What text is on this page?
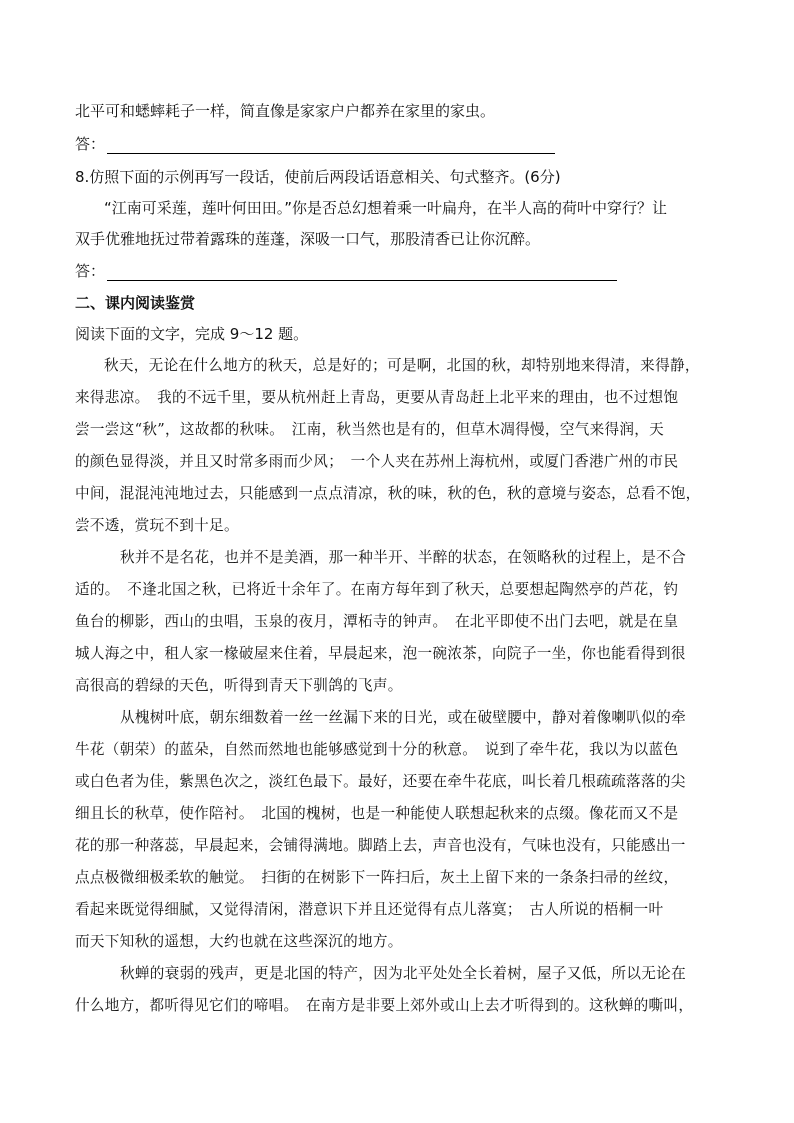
北平可和蟋蟀耗子一样，简直像是家家户户都养在家里的家虫。
答：
8.仿照下面的示例再写一段话，使前后两段话语意相关、句式整齐。(6分)
“江南可采莲，莲叶何田田。”你是否总幻想着乘一叶扁舟，在半人高的荷叶中穿行？让
双手优雅地抚过带着露珠的莲蓬，深吸一口气，那股清香已让你沉醉。
答：
二、课内阅读鉴赏
阅读下面的文字，完成 9～12 题。
秋天，无论在什么地方的秋天，总是好的；可是啊，北国的秋，却特别地来得清，来得静，
来得悲凉。　我的不远千里，要从杭州赶上青岛，更要从青岛赶上北平来的理由，也不过想饱
尝一尝这“秋”，这故都的秋味。　江南，秋当然也是有的，但草木凋得慢，空气来得润，天
的颜色显得淡，并且又时常多雨而少风；　一个人夹在苏州上海杭州，或厦门香港广州的市民
中间，混混沌沌地过去，只能感到一点点清凉，秋的味，秋的色，秋的意境与姿态，总看不饱，
尝不透，赏玩不到十足。
秋并不是名花，也并不是美酒，那一种半开、半醉的状态，在领略秋的过程上，是不合
适的。　不逢北国之秋，已将近十余年了。在南方每年到了秋天，总要想起陶然亭的芦花，钓
鱼台的柳影，西山的虫唱，玉泉的夜月，潭柘寺的钟声。　在北平即使不出门去吧，就是在皇
城人海之中，租人家一椽破屋来住着，早晨起来，泡一碗浓茶，向院子一坐，你也能看得到很
高很高的碧绿的天色，听得到青天下驯鸽的飞声。
从槐树叶底，朝东细数着一丝一丝漏下来的日光，或在破壁腰中，静对着像喇叭似的牵
牛花（朝荣）的蓝朵，自然而然地也能够感觉到十分的秋意。　说到了牵牛花，我以为以蓝色
或白色者为佳，紫黑色次之，淡红色最下。最好，还要在牵牛花底，叫长着几根疏疏落落的尖
细且长的秋草，使作陪衬。　北国的槐树，也是一种能使人联想起秋来的点缀。像花而又不是
花的那一种落蕊，早晨起来，会铺得满地。脚踏上去，声音也没有，气味也没有，只能感出一
点点极微细极柔软的触觉。　扫街的在树影下一阵扫后，灰土上留下来的一条条扫帚的丝纹，
看起来既觉得细腻，又觉得清闲，潜意识下并且还觉得有点儿落寞；　古人所说的梧桐一叶
而天下知秋的遥想，大约也就在这些深沉的地方。
秋蝉的衰弱的残声，更是北国的特产，因为北平处处全长着树，屋子又低，所以无论在
什么地方，都听得见它们的啼唱。　在南方是非要上郊外或山上去才听得到的。这秋蝉的嘶叫，
